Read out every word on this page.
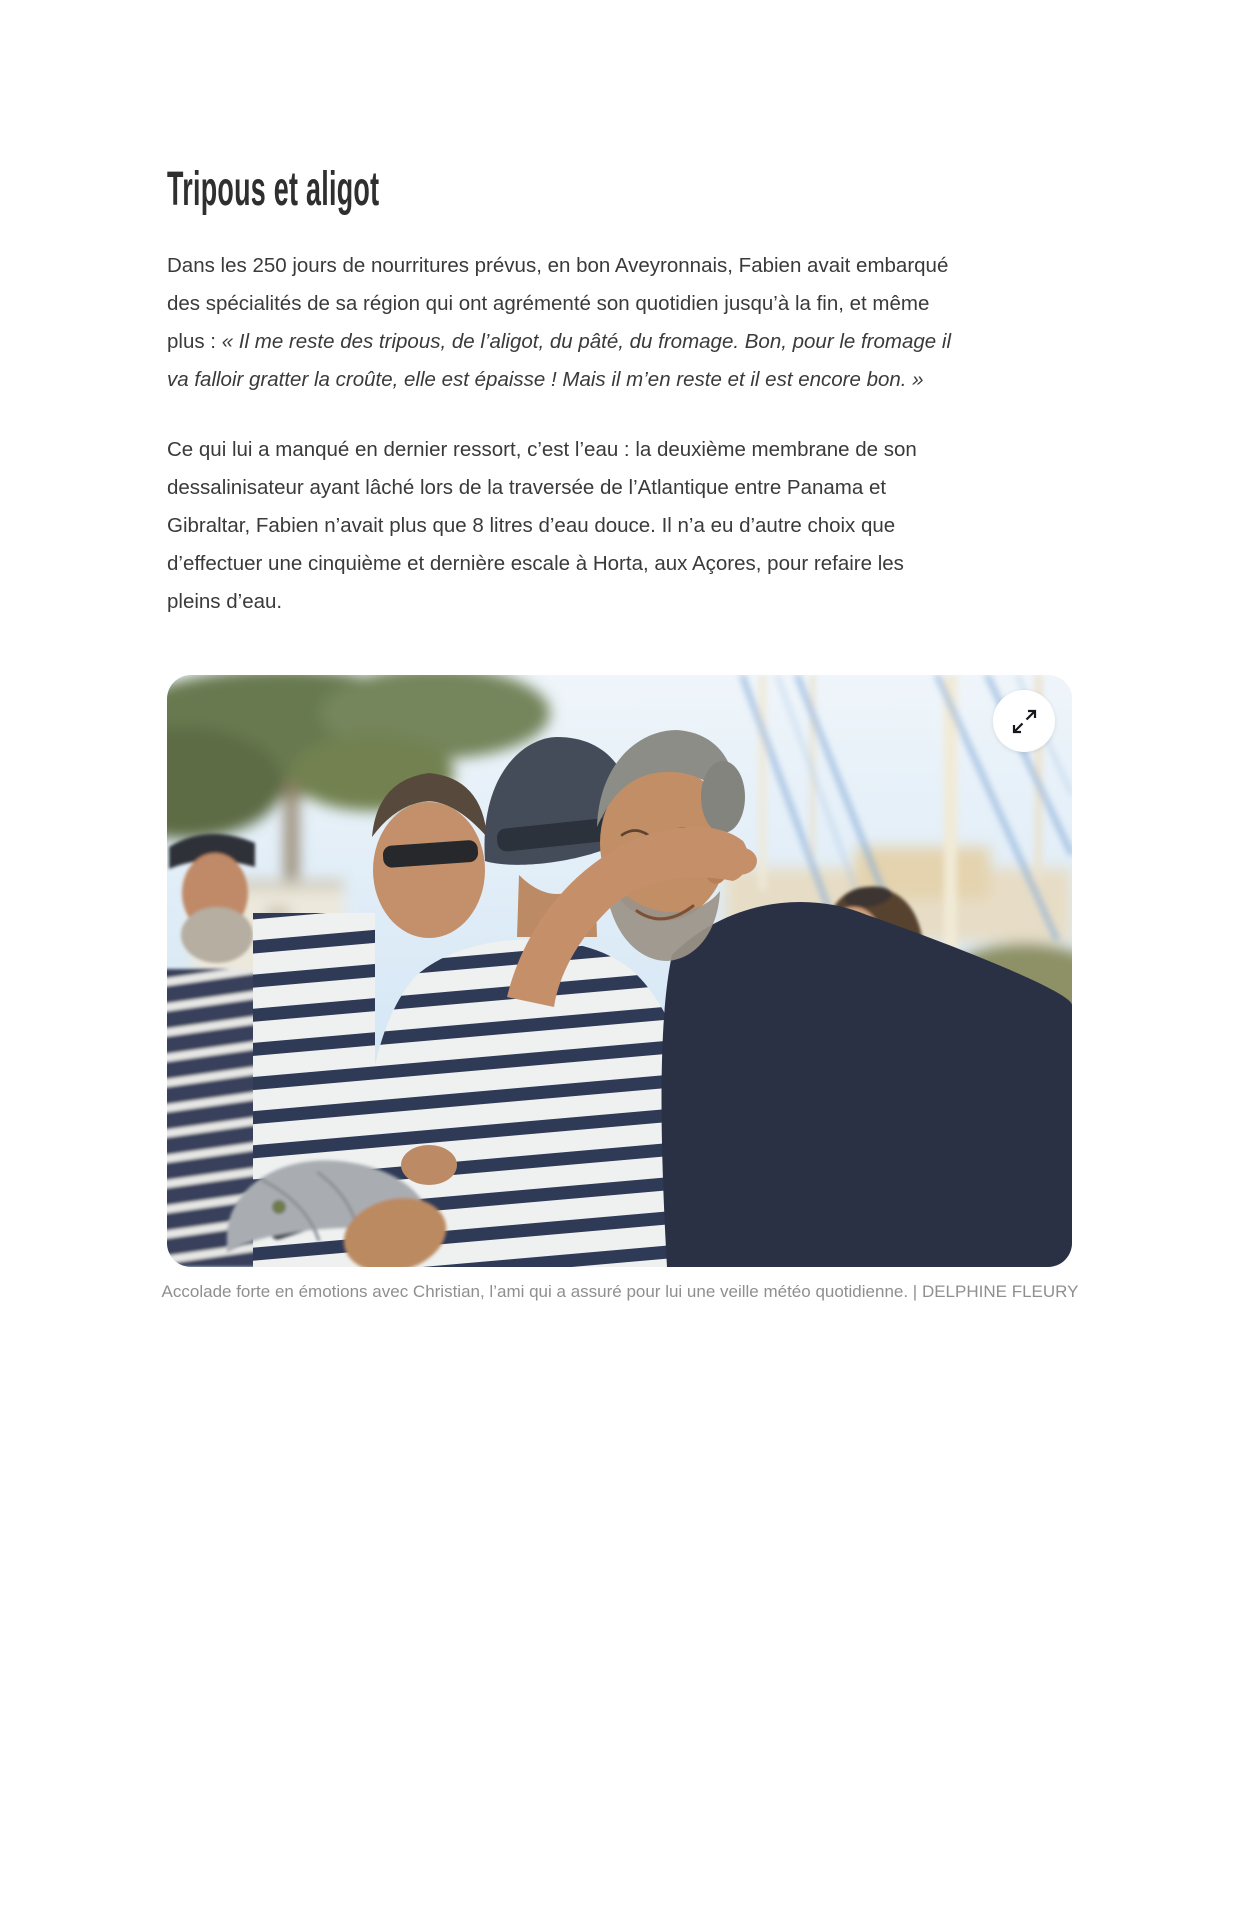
Tripous et aligot

Dans les 250 jours de nourritures prévus, en bon Aveyronnais, Fabien avait embarqué des spécialités de sa région qui ont agrémenté son quotidien jusqu’à la fin, et même plus : « Il me reste des tripous, de l’aligot, du pâté, du fromage. Bon, pour le fromage il va falloir gratter la croûte, elle est épaisse ! Mais il m’en reste et il est encore bon. »

Ce qui lui a manqué en dernier ressort, c’est l’eau : la deuxième membrane de son dessalinisateur ayant lâché lors de la traversée de l’Atlantique entre Panama et Gibraltar, Fabien n’avait plus que 8 litres d’eau douce. Il n’a eu d’autre choix que d’effectuer une cinquième et dernière escale à Horta, aux Açores, pour refaire les pleins d’eau.

Accolade forte en émotions avec Christian, l’ami qui a assuré pour lui une veille météo quotidienne. | DELPHINE FLEURY
